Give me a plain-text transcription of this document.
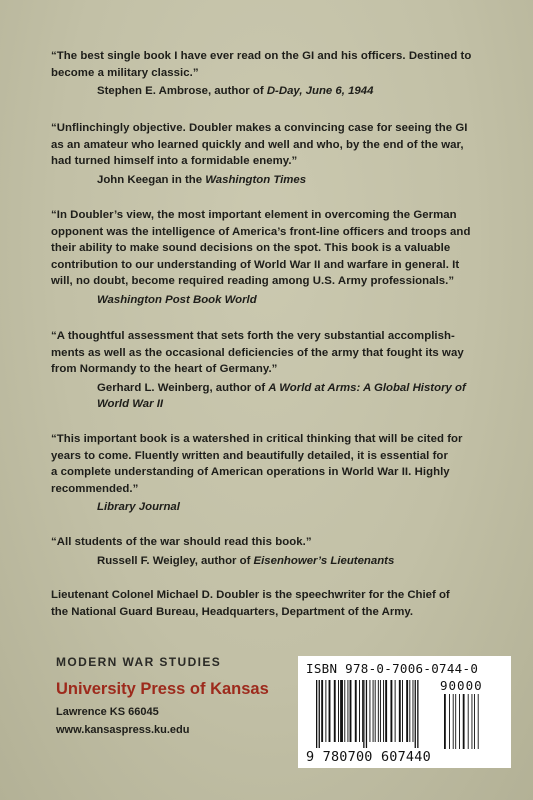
“The best single book I have ever read on the GI and his officers. Destined to
become a military classic.”

Stephen E. Ambrose, author of D-Day, June 6, 1944

“Unflinchingly objective. Doubler makes a convincing case for seeing the GI
as an amateur who learned quickly and well and who, by the end of the war,
had turned himself into a formidable enemy.”

John Keegan in the Washington Times

“In Doubler’s view, the most important element in overcoming the German
opponent was the intelligence of America’s front-line officers and troops and
their ability to make sound decisions on the spot. This book is a valuable
contribution to our understanding of World War II and warfare in general. It
will, no doubt, become required reading among U.S. Army professionals.”

Washington Post Book World

“A thoughtful assessment that sets forth the very substantial accomplish-
ments as well as the occasional deficiencies of the army that fought its way
from Normandy to the heart of Germany.”

Gerhard L. Weinberg, author of A World at Arms: A Global History of
World War II

“This important book is a watershed in critical thinking that will be cited for
years to come. Fluently written and beautifully detailed, it is essential for
a complete understanding of American operations in World War II. Highly
recommended.”

Library Journal

“All students of the war should read this book.”

Russell F. Weigley, author of Eisenhower’s Lieutenants

Lieutenant Colonel Michael D. Doubler is the speechwriter for the Chief of
the National Guard Bureau, Headquarters, Department of the Army.

MODERN WAR STUDIES

University Press of Kansas

Lawrence KS 66045

www.kansaspress.ku.edu

ISBN 978-0-7006-0744-0

90000

9 780700 607440
